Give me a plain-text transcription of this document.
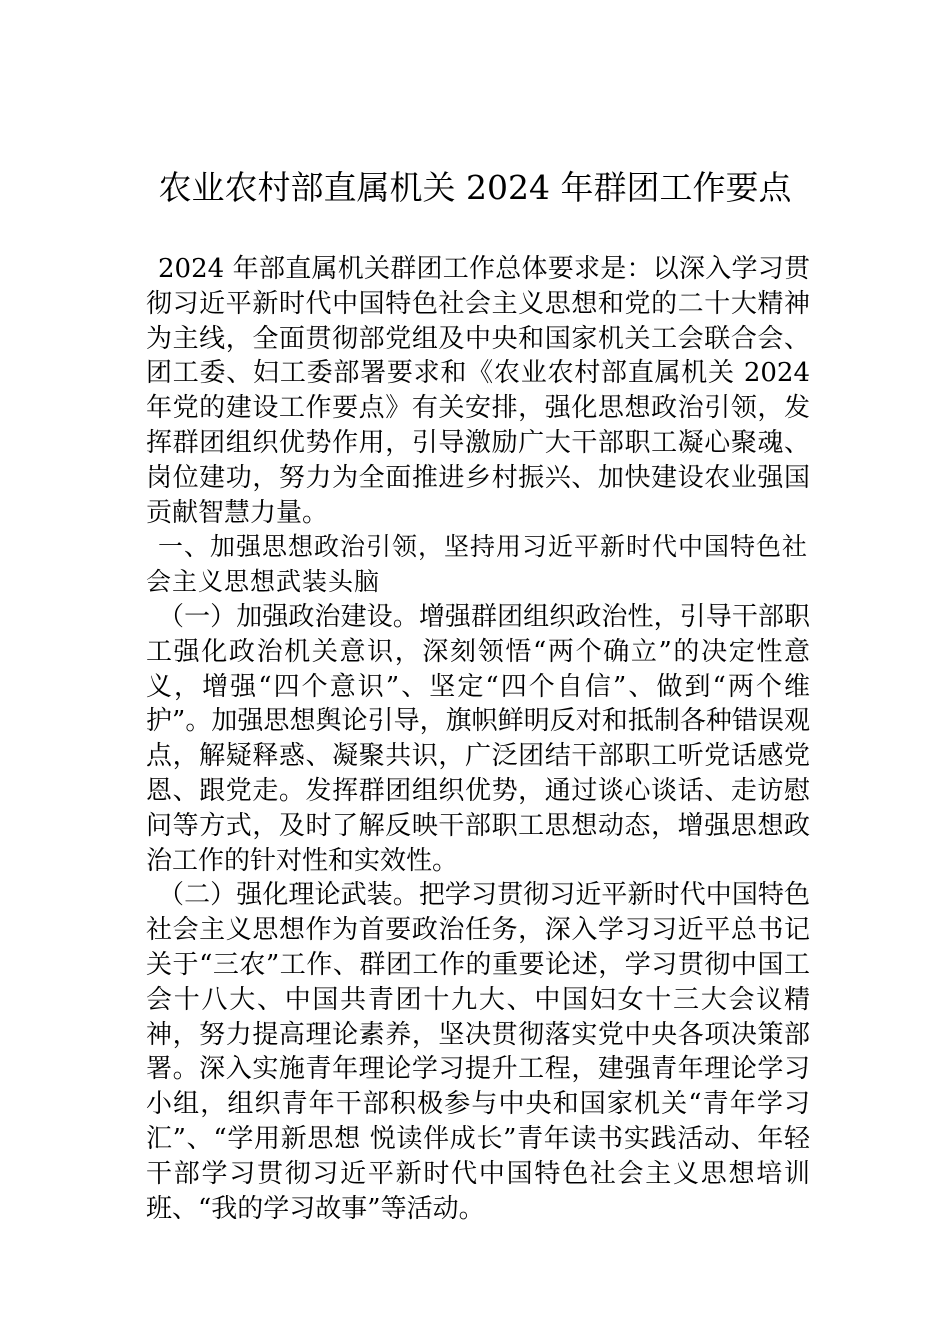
农业农村部直属机关 2024 年群团工作要点

2024 年部直属机关群团工作总体要求是：以深入学习贯彻习近平新时代中国特色社会主义思想和党的二十大精神为主线，全面贯彻部党组及中央和国家机关工会联合会、团工委、妇工委部署要求和《农业农村部直属机关 2024 年党的建设工作要点》有关安排，强化思想政治引领，发挥群团组织优势作用，引导激励广大干部职工凝心聚魂、岗位建功，努力为全面推进乡村振兴、加快建设农业强国贡献智慧力量。

一、加强思想政治引领，坚持用习近平新时代中国特色社会主义思想武装头脑

（一）加强政治建设。增强群团组织政治性，引导干部职工强化政治机关意识，深刻领悟“两个确立”的决定性意义，增强“四个意识”、坚定“四个自信”、做到“两个维护”。加强思想舆论引导，旗帜鲜明反对和抵制各种错误观点，解疑释惑、凝聚共识，广泛团结干部职工听党话感党恩、跟党走。发挥群团组织优势，通过谈心谈话、走访慰问等方式，及时了解反映干部职工思想动态，增强思想政治工作的针对性和实效性。

（二）强化理论武装。把学习贯彻习近平新时代中国特色社会主义思想作为首要政治任务，深入学习习近平总书记关于“三农”工作、群团工作的重要论述，学习贯彻中国工会十八大、中国共青团十九大、中国妇女十三大会议精神，努力提高理论素养，坚决贯彻落实党中央各项决策部署。深入实施青年理论学习提升工程，建强青年理论学习小组，组织青年干部积极参与中央和国家机关“青年学习汇”、“学用新思想 悦读伴成长”青年读书实践活动、年轻干部学习贯彻习近平新时代中国特色社会主义思想培训班、“我的学习故事”等活动。
